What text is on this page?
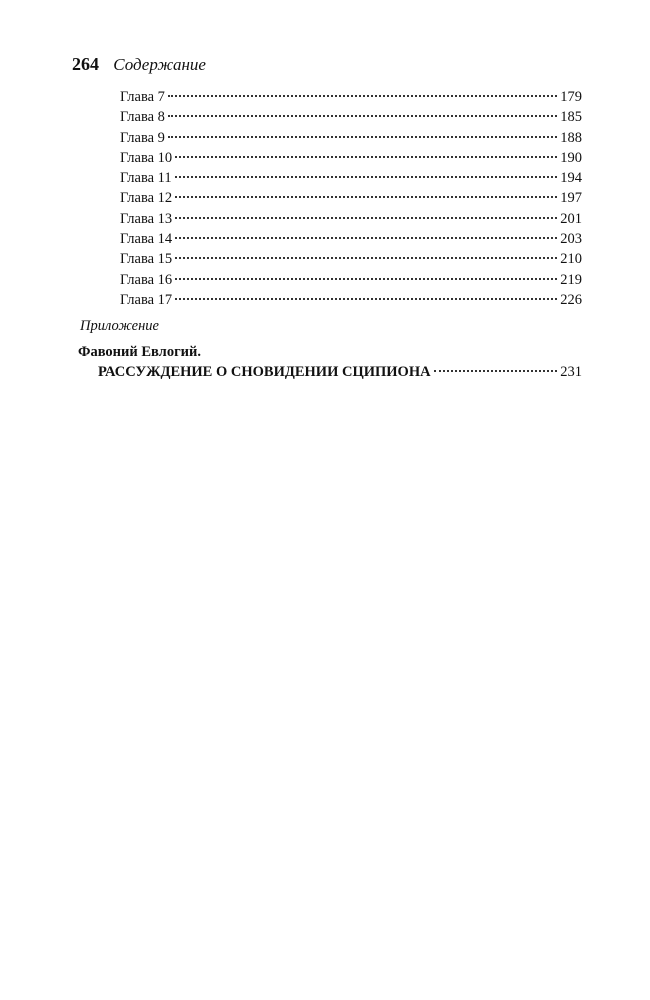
264 Содержание
Глава 7	179
Глава 8	185
Глава 9	188
Глава 10	190
Глава 11	194
Глава 12	197
Глава 13	201
Глава 14	203
Глава 15	210
Глава 16	219
Глава 17	226
Приложение
Фавоний Евлогий.
РАССУЖДЕНИЕ О СНОВИДЕНИИ СЦИПИОНА	231
